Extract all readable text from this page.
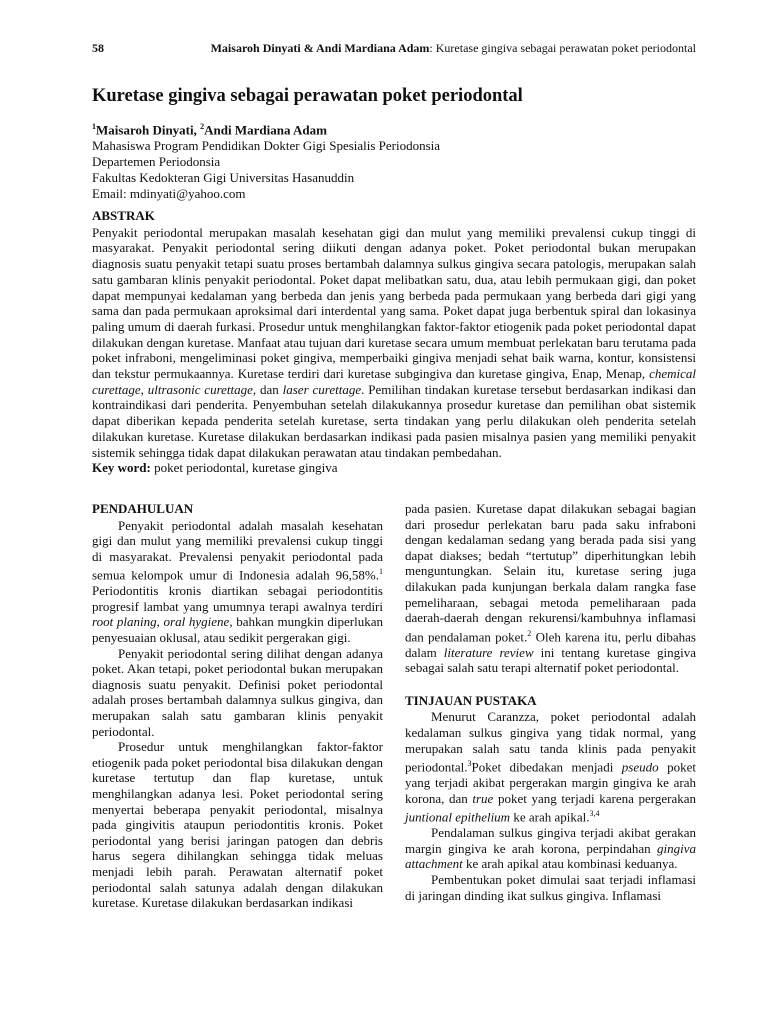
58	Maisaroh Dinyati & Andi Mardiana Adam: Kuretase gingiva sebagai perawatan poket periodontal
Kuretase gingiva sebagai perawatan poket periodontal
$^1$Maisaroh Dinyati, $^2$Andi Mardiana Adam
Mahasiswa Program Pendidikan Dokter Gigi Spesialis Periodonsia
Departemen Periodonsia
Fakultas Kedokteran Gigi Universitas Hasanuddin
Email: mdinyati@yahoo.com
ABSTRAK

Penyakit periodontal merupakan masalah kesehatan gigi dan mulut yang memiliki prevalensi cukup tinggi di masyarakat. Penyakit periodontal sering diikuti dengan adanya poket. Poket periodontal bukan merupakan diagnosis suatu penyakit tetapi suatu proses bertambah dalamnya sulkus gingiva secara patologis, merupakan salah satu gambaran klinis penyakit periodontal. Poket dapat melibatkan satu, dua, atau lebih permukaan gigi, dan poket dapat mempunyai kedalaman yang berbeda dan jenis yang berbeda pada permukaan yang berbeda dari gigi yang sama dan pada permukaan aproksimal dari interdental yang sama. Poket dapat juga berbentuk spiral dan lokasinya paling umum di daerah furkasi. Prosedur untuk menghilangkan faktor-faktor etiogenik pada poket periodontal dapat dilakukan dengan kuretase. Manfaat atau tujuan dari kuretase secara umum membuat perlekatan baru terutama pada poket infraboni, mengeliminasi poket gingiva, memperbaiki gingiva menjadi sehat baik warna, kontur, konsistensi dan tekstur permukaannya. Kuretase terdiri dari kuretase subgingiva dan kuretase gingiva, Enap, Menap, chemical curettage, ultrasonic curettage, dan laser curettage. Pemilihan tindakan kuretase tersebut berdasarkan indikasi dan kontraindikasi dari penderita. Penyembuhan setelah dilakukannya prosedur kuretase dan pemilihan obat sistemik dapat diberikan kepada penderita setelah kuretase, serta tindakan yang perlu dilakukan oleh penderita setelah dilakukan kuretase. Kuretase dilakukan berdasarkan indikasi pada pasien misalnya pasien yang memiliki penyakit sistemik sehingga tidak dapat dilakukan perawatan atau tindakan pembedahan.

Key word: poket periodontal, kuretase gingiva

PENDAHULUAN

Penyakit periodontal adalah masalah kesehatan gigi dan mulut yang memiliki prevalensi cukup tinggi di masyarakat. Prevalensi penyakit periodontal pada semua kelompok umur di Indonesia adalah 96,58%.$^1$ Periodontitis kronis diartikan sebagai periodontitis progresif lambat yang umumnya terapi awalnya terdiri root planing, oral hygiene, bahkan mungkin diperlukan penyesuaian oklusal, atau sedikit pergerakan gigi.

Penyakit periodontal sering dilihat dengan adanya poket. Akan tetapi, poket periodontal bukan merupakan diagnosis suatu penyakit. Definisi poket periodontal adalah proses bertambah dalamnya sulkus gingiva, dan merupakan salah satu gambaran klinis penyakit periodontal.

Prosedur untuk menghilangkan faktor-faktor etiogenik pada poket periodontal bisa dilakukan dengan kuretase tertutup dan flap kuretase, untuk menghilangkan adanya lesi. Poket periodontal sering menyertai beberapa penyakit periodontal, misalnya pada gingivitis ataupun periodontitis kronis. Poket periodontal yang berisi jaringan patogen dan debris harus segera dihilangkan sehingga tidak meluas menjadi lebih parah. Perawatan alternatif poket periodontal salah satunya adalah dengan dilakukan kuretase. Kuretase dilakukan berdasarkan indikasi

pada pasien. Kuretase dapat dilakukan sebagai bagian dari prosedur perlekatan baru pada saku infraboni dengan kedalaman sedang yang berada pada sisi yang dapat diakses; bedah “tertutup” diperhitungkan lebih menguntungkan. Selain itu, kuretase sering juga dilakukan pada kunjungan berkala dalam rangka fase pemeliharaan, sebagai metoda pemeliharaan pada daerah-daerah dengan rekurensi/kambuhnya inflamasi dan pendalaman poket.$^2$ Oleh karena itu, perlu dibahas dalam literature review ini tentang kuretase gingiva sebagai salah satu terapi alternatif poket periodontal.

TINJAUAN PUSTAKA

Menurut Caranzza, poket periodontal adalah kedalaman sulkus gingiva yang tidak normal, yang merupakan salah satu tanda klinis pada penyakit periodontal.$^3$Poket dibedakan menjadi pseudo poket yang terjadi akibat pergerakan margin gingiva ke arah korona, dan true poket yang terjadi karena pergerakan juntional epithelium ke arah apikal.$^{3,4}$

Pendalaman sulkus gingiva terjadi akibat gerakan margin gingiva ke arah korona, perpindahan gingiva attachment ke arah apikal atau kombinasi keduanya.

Pembentukan poket dimulai saat terjadi inflamasi di jaringan dinding ikat sulkus gingiva. Inflamasi
